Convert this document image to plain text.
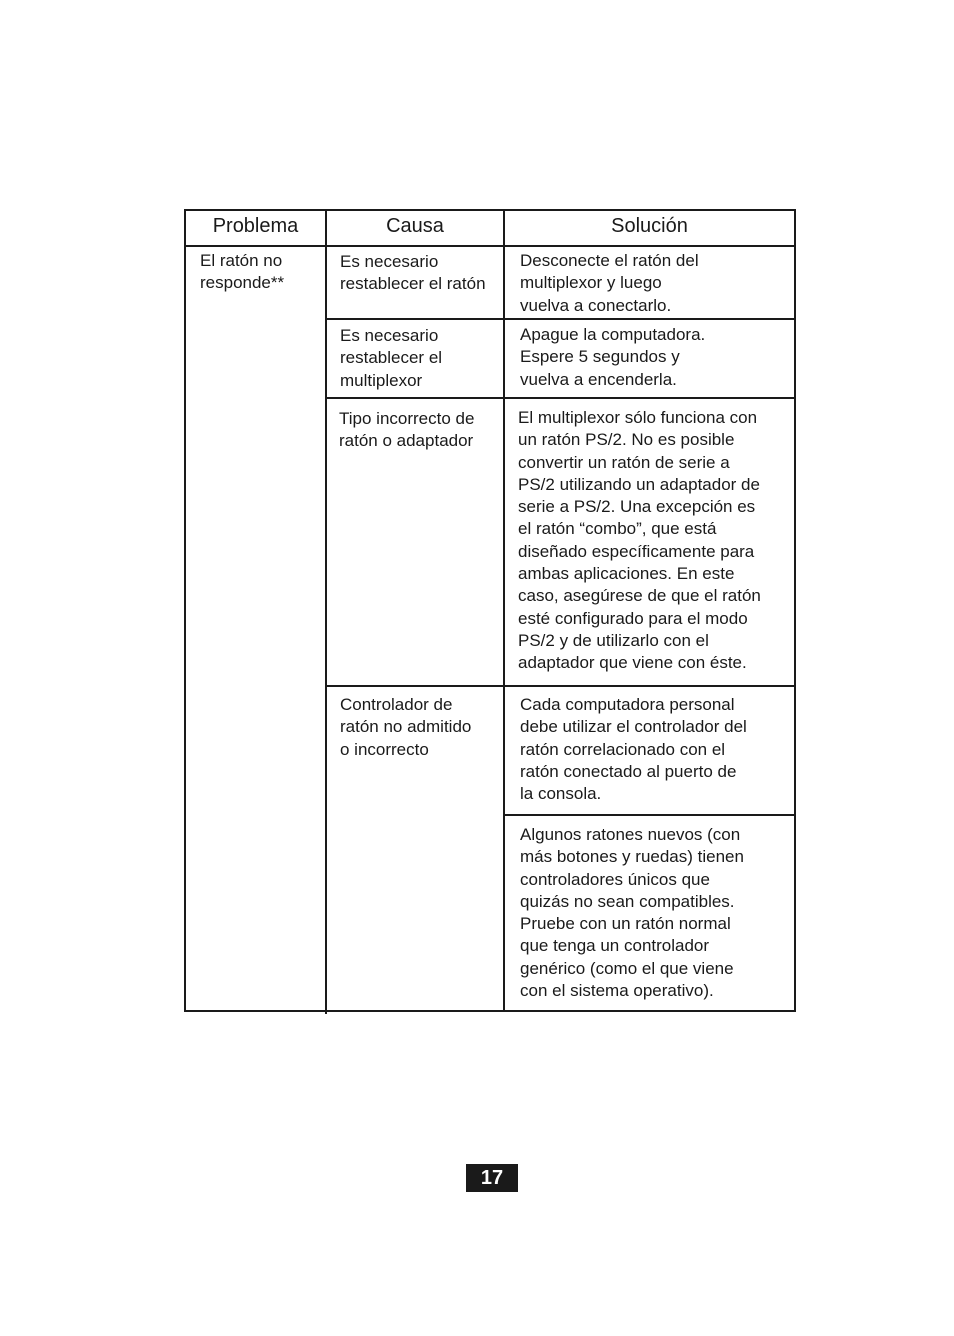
Problema	Causa	Solución
El ratón no
responde**
Es necesario
restablecer el ratón
Es necesario
restablecer el
multiplexor
Tipo incorrecto de
ratón o adaptador
Controlador de
ratón no admitido
o incorrecto
Desconecte el ratón del
multiplexor y luego
vuelva a conectarlo.
Apague la computadora.
Espere 5 segundos y
vuelva a encenderla.
El multiplexor sólo funciona con
un ratón PS/2. No es posible
convertir un ratón de serie a
PS/2 utilizando un adaptador de
serie a PS/2. Una excepción es
el ratón “combo”, que está
diseñado específicamente para
ambas aplicaciones. En este
caso, asegúrese de que el ratón
esté configurado para el modo
PS/2 y de utilizarlo con el
adaptador que viene con éste.
Cada computadora personal
debe utilizar el controlador del
ratón correlacionado con el
ratón conectado al puerto de
la consola.
Algunos ratones nuevos (con
más botones y ruedas) tienen
controladores únicos que
quizás no sean compatibles.
Pruebe con un ratón normal
que tenga un controlador
genérico (como el que viene
con el sistema operativo).
17
